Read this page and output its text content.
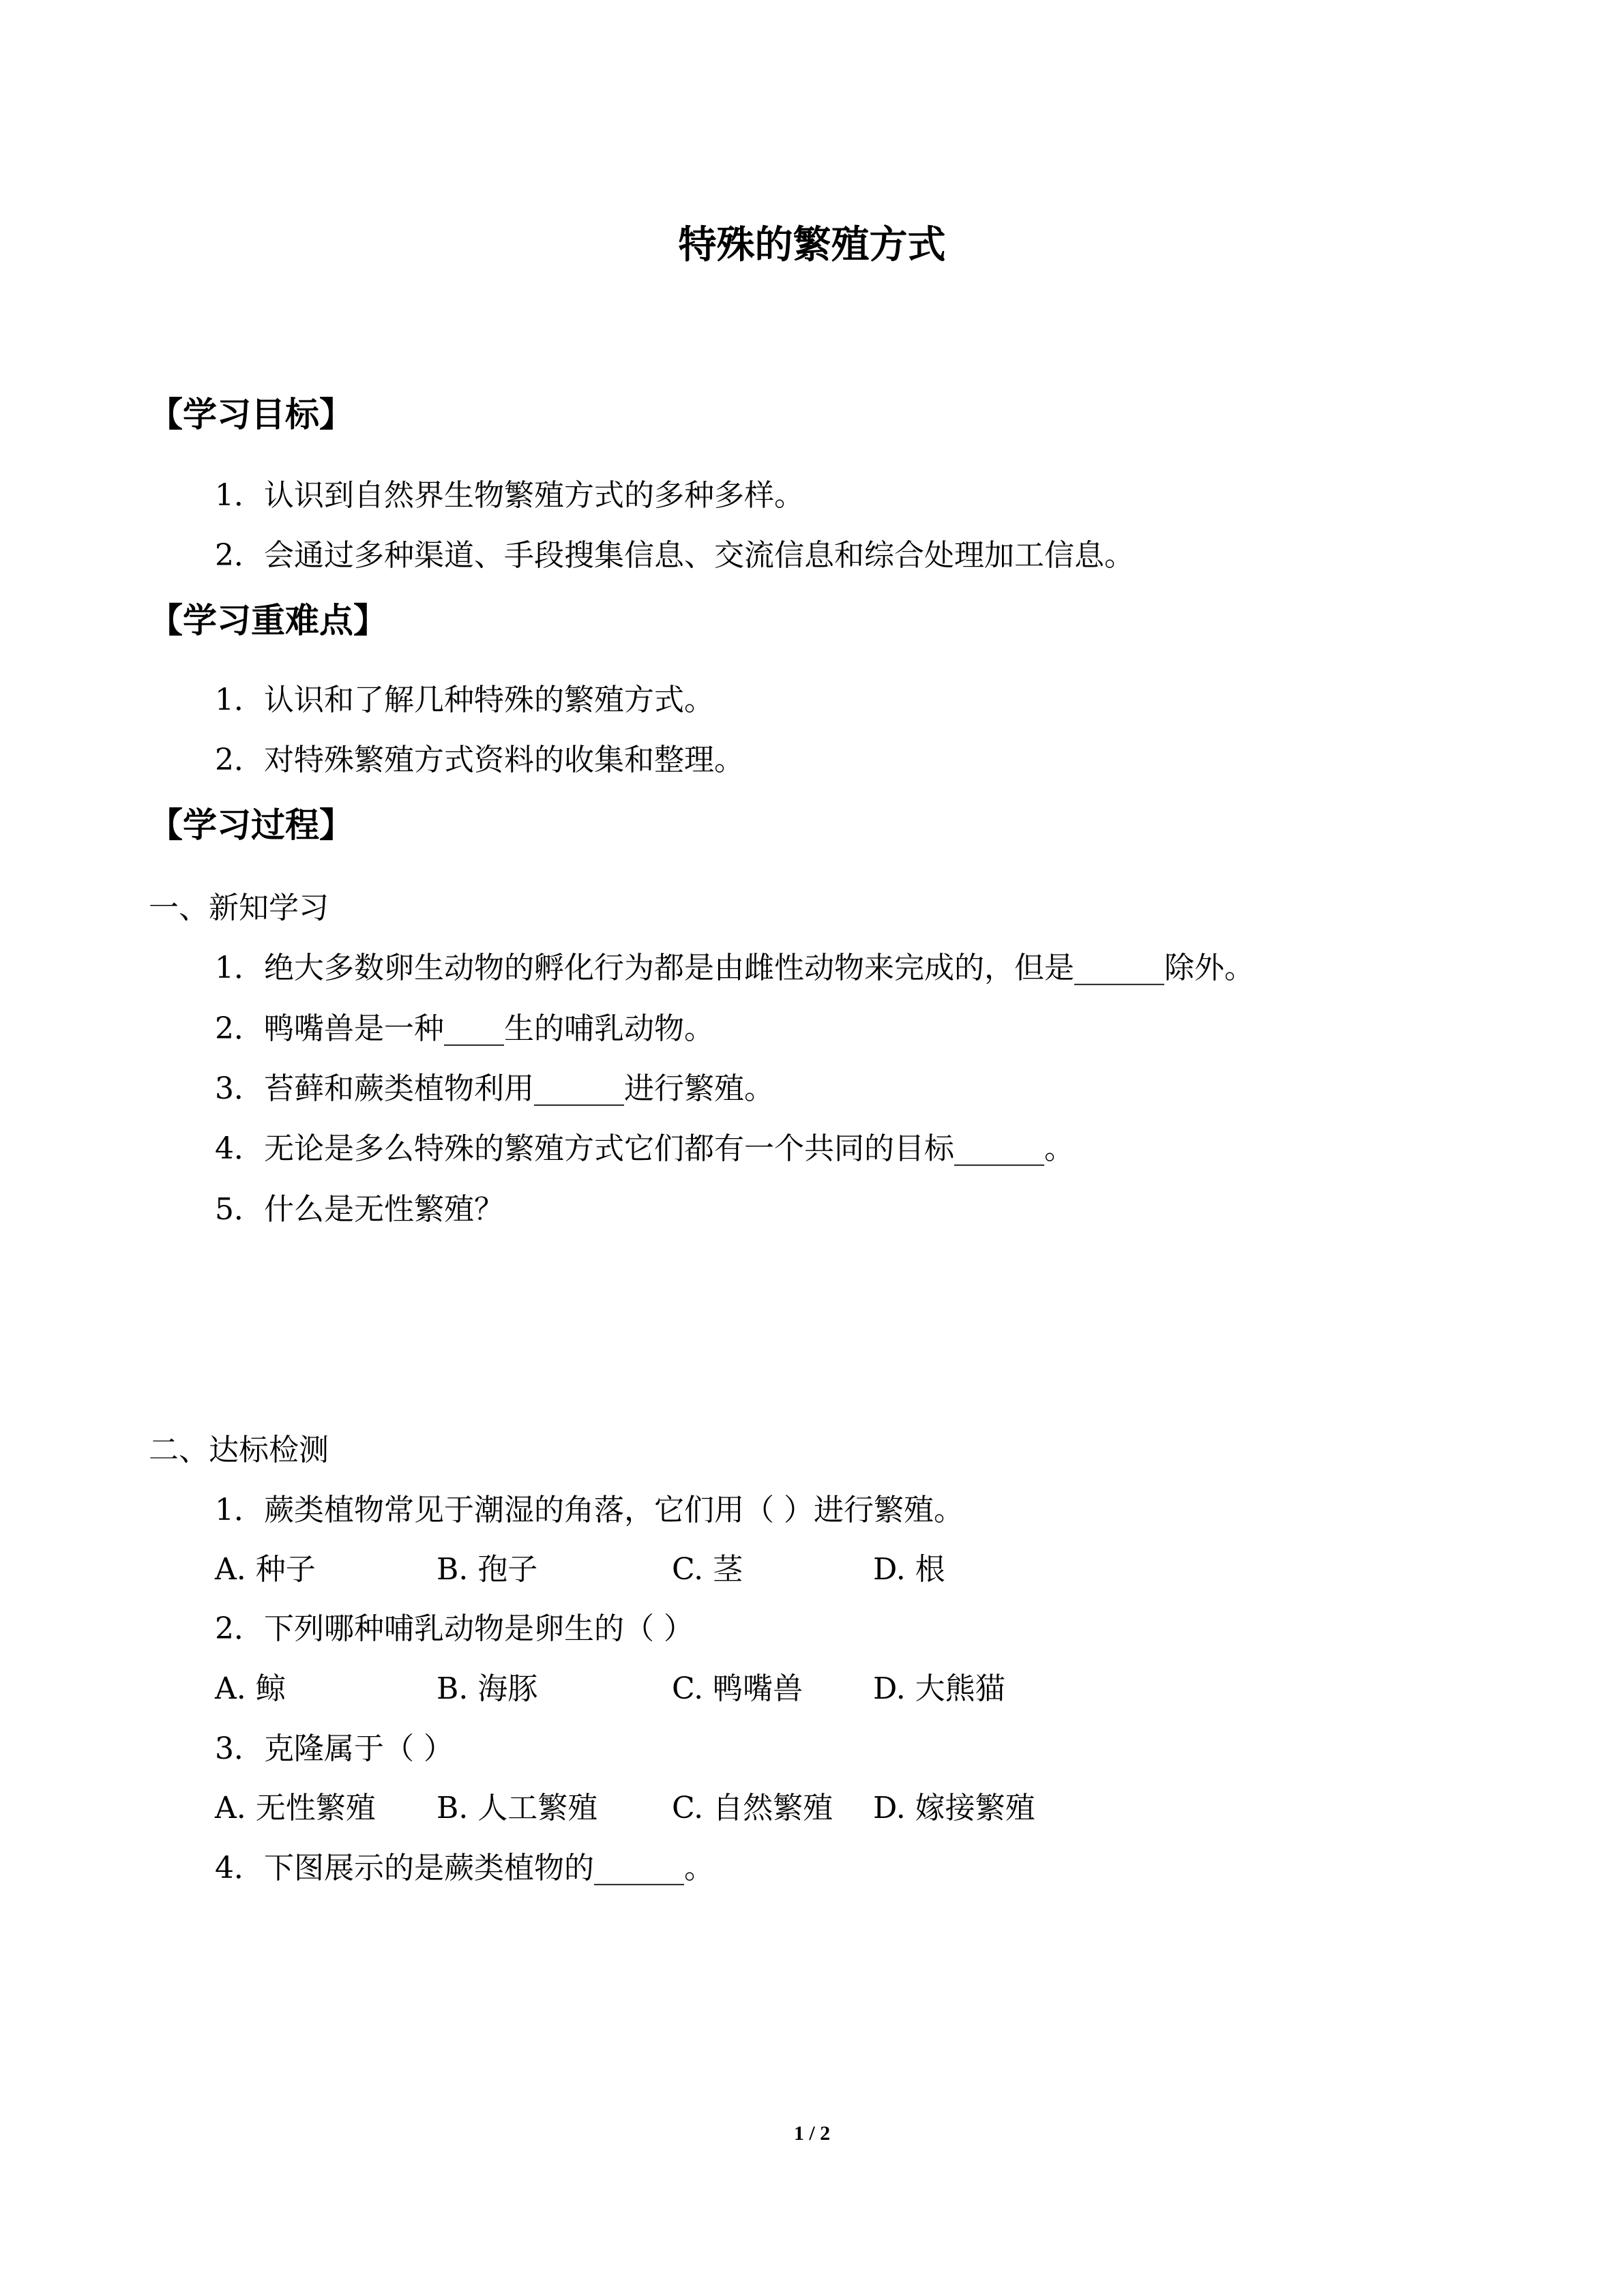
特殊的繁殖方式
【学习目标】
1．认识到自然界生物繁殖方式的多种多样。
2．会通过多种渠道、手段搜集信息、交流信息和综合处理加工信息。
【学习重难点】
1．认识和了解几种特殊的繁殖方式。
2．对特殊繁殖方式资料的收集和整理。
【学习过程】
一、新知学习
1．绝大多数卵生动物的孵化行为都是由雌性动物来完成的，但是______除外。
2．鸭嘴兽是一种____生的哺乳动物。
3．苔藓和蕨类植物利用______进行繁殖。
4．无论是多么特殊的繁殖方式它们都有一个共同的目标______。
5．什么是无性繁殖？
二、达标检测
1．蕨类植物常见于潮湿的角落，它们用（ ）进行繁殖。
A. 种子	B. 孢子	C. 茎	D. 根
2．下列哪种哺乳动物是卵生的（ ）
A. 鲸	B. 海豚	C. 鸭嘴兽 D. 大熊猫
3．克隆属于（ ）
A. 无性繁殖 B. 人工繁殖 C. 自然繁殖 D. 嫁接繁殖
4．下图展示的是蕨类植物的______。
1 / 2
